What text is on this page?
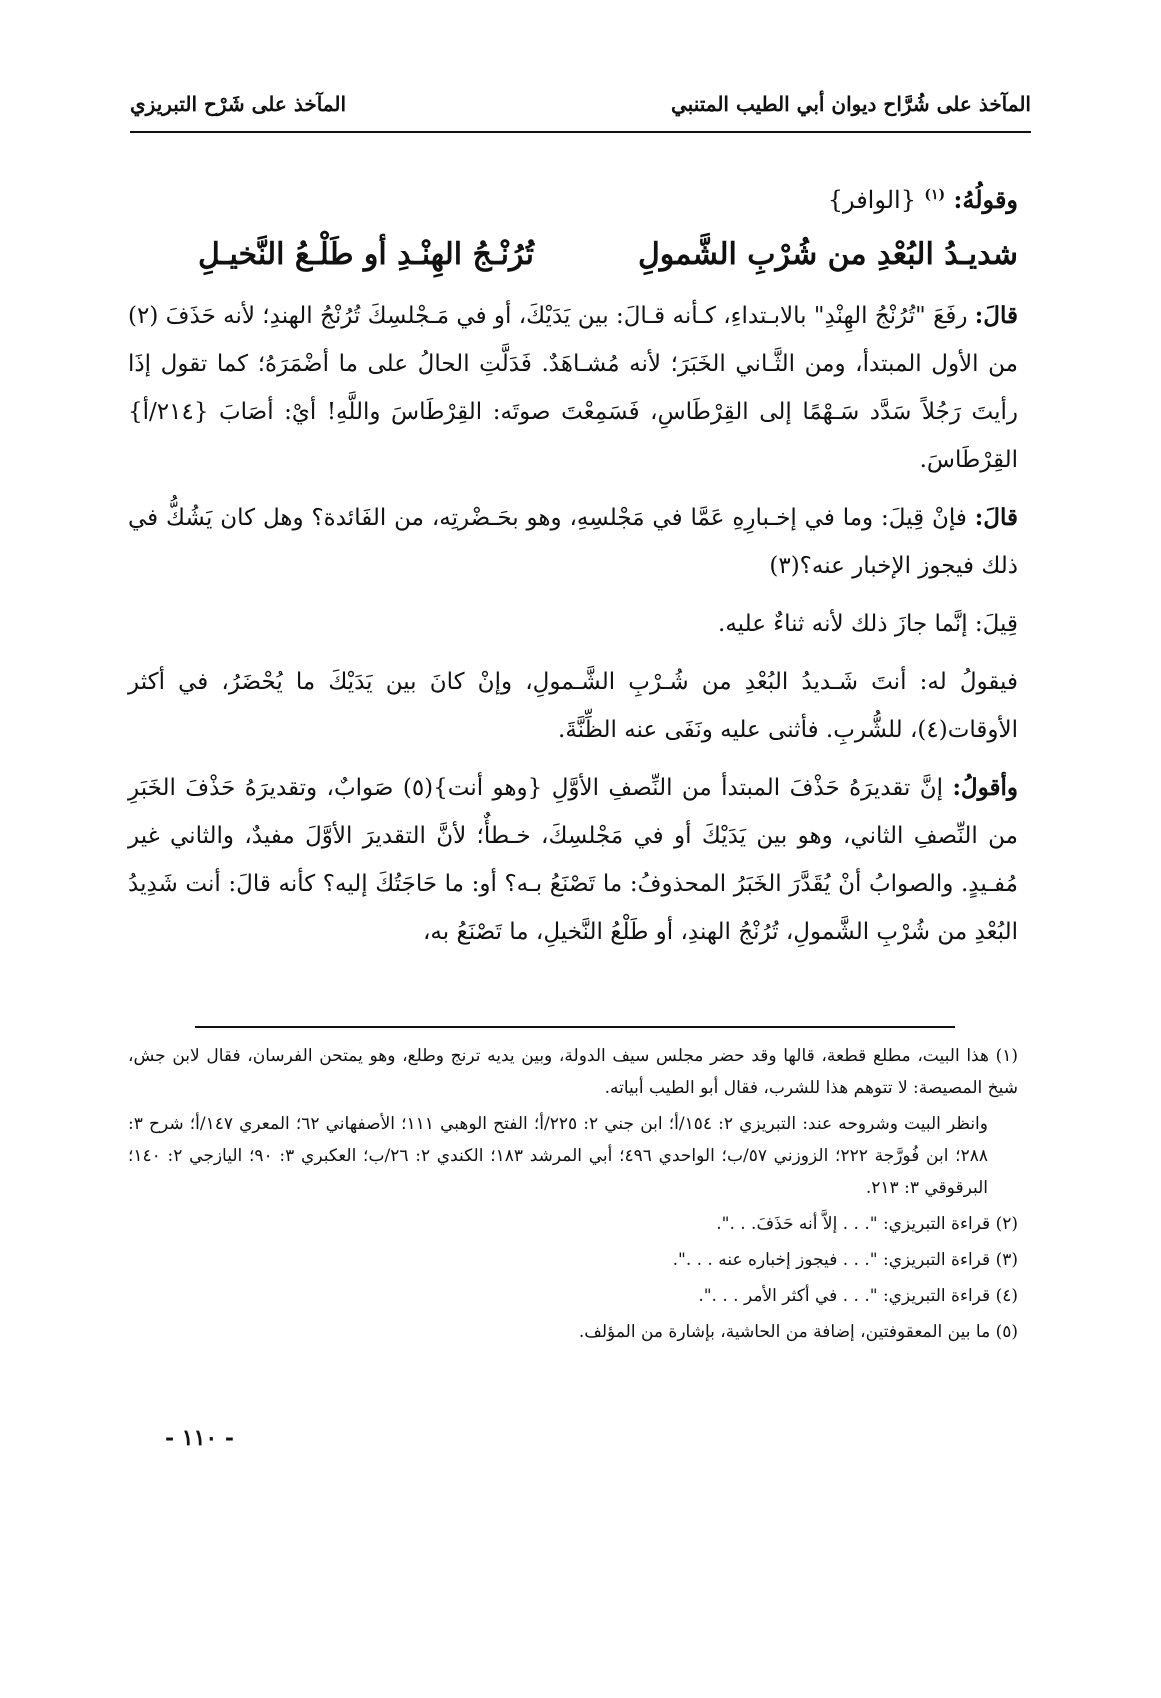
المآخذ على شُرَّاح ديوان أبي الطيب المتنبي
المآخذ على شَرْح التبريزي
وقولُهُ: $^{(١)}$ {الوافر}
شديـدُ البُعْدِ من شُرْبِ الشَّمولِ
تُرُنْـجُ الهِنْـدِ أو طَلْـعُ النَّخيـلِ

قالَ: رفَعَ "تُرُنْجُ الهِنْدِ" بالابـتداءِ، كـأنه قـالَ: بين يَدَيْكَ، أو في مَـجْلسِكَ تُرُنْجُ الهندِ؛ لأنه حَذَفَ (٢) من الأول المبتدأ، ومن الثَّـاني الخَبَرَ؛ لأنه مُشـاهَدٌ. فَدَلَّتِ الحالُ على ما أضْمَرَهُ؛ كما تقول إذَا رأيتَ رَجُلاً سَدَّد سَـهْمًا إلى القِرْطَاسِ، فَسَمِعْتَ صوتَه: القِرْطَاسَ واللَّهِ! أيْ: أصَابَ {٢١٤/أ} القِرْطَاسَ.

قالَ: فإنْ قِيلَ: وما في إخـبارِهِ عَمَّا في مَجْلسِهِ، وهو بحَـضْرتِه، من الفَائدة؟ وهل كان يَشُكُّ في ذلك فيجوز الإخبار عنه؟(٣)

قِيلَ: إنَّما جازَ ذلك لأنه ثناءٌ عليه.

فيقولُ له: أنتَ شَـديدُ البُعْدِ من شُـرْبِ الشَّـمولِ، وإنْ كانَ بين يَدَيْكَ ما يُحْضَرُ، في أكثر الأوقات(٤)، للشُّربِ. فأثنى عليه ونَفَى عنه الظِّنَّةَ.

وأقولُ: إنَّ تقديرَهُ حَذْفَ المبتدأ من النِّصفِ الأوَّلِ {وهو أنت}(٥) صَوابٌ، وتقديرَهُ حَذْفَ الخَبَرِ من النِّصفِ الثاني، وهو بين يَدَيْكَ أو في مَجْلسِكَ، خـطأٌ؛ لأنَّ التقديرَ الأوَّلَ مفيدٌ، والثاني غير مُفـيدٍ. والصوابُ أنْ يُقَدَّرَ الخَبَرُ المحذوفُ: ما تَصْنَعُ بـه؟ أو: ما حَاجَتُكَ إليه؟ كأنه قالَ: أنت شَدِيدُ البُعْدِ من شُرْبِ الشَّمولِ، تُرُنْجُ الهندِ، أو طَلْعُ النَّخيلِ، ما تَصْنَعُ به،

(١) هذا البيت، مطلع قطعة، قالها وقد حضر مجلس سيف الدولة، وبين يديه ترنج وطلع، وهو يمتحن الفرسان، فقال لابن جش، شيخ المصيصة: لا تتوهم هذا للشرب، فقال أبو الطيب أبياته.

وانظر البيت وشروحه عند: التبريزي ٢: ١٥٤/أ؛ ابن جني ٢: ٢٢٥/أ؛ الفتح الوهبي ١١١؛ الأصفهاني ٦٢؛ المعري ١٤٧/أ؛ شرح ٣: ٢٨٨؛ ابن فُورَّجة ٢٢٢؛ الزوزني ٥٧/ب؛ الواحدي ٤٩٦؛ أبي المرشد ١٨٣؛ الكندي ٢: ٢٦/ب؛ العكبري ٣: ٩٠؛ اليازجي ٢: ١٤٠؛ البرقوقي ٣: ٢١٣.

(٢) قراءة التبريزي: ". . . إلاَّ أنه حَذَفَ. . .".

(٣) قراءة التبريزي: ". . . فيجوز إخباره عنه . . .".

(٤) قراءة التبريزي: ". . . في أكثر الأمر . . .".

(٥) ما بين المعقوفتين، إضافة من الحاشية، بإشارة من المؤلف.

- ١١٠ -
